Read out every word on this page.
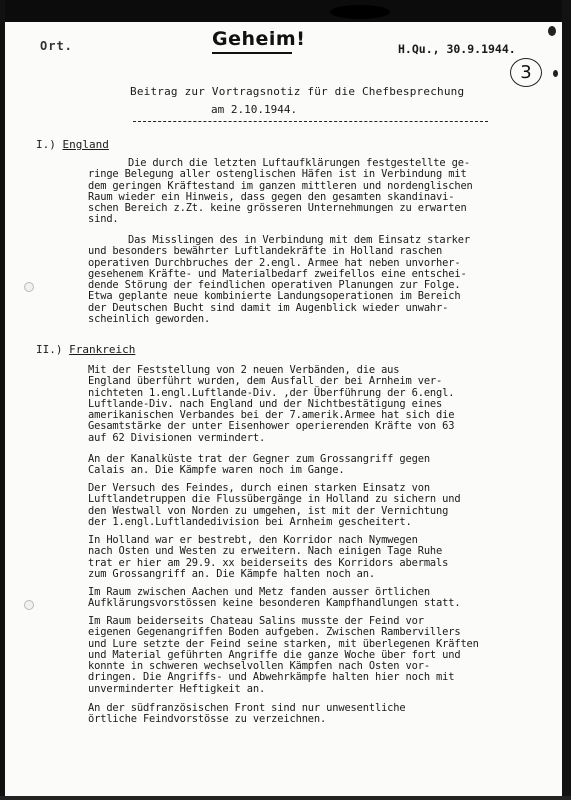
Ort.	Geheim!	H.Qu., 30.9.1944.
3
Beitrag zur Vortragsnotiz für die Chefbesprechung
am 2.10.1944.
I.) England
Die durch die letzten Luftaufklärungen festgestellte ge-
ringe Belegung aller ostenglischen Häfen ist in Verbindung mit
dem geringen Kräftestand im ganzen mittleren und nordenglischen
Raum wieder ein Hinweis, dass gegen den gesamten skandinavi-
schen Bereich z.Zt. keine grösseren Unternehmungen zu erwarten
sind.
Das Misslingen des in Verbindung mit dem Einsatz starker
und besonders bewährter Luftlandekräfte in Holland raschen
operativen Durchbruches der 2.engl. Armee hat neben unvorher-
gesehenem Kräfte- und Materialbedarf zweifellos eine entschei-
dende Störung der feindlichen operativen Planungen zur Folge.
Etwa geplante neue kombinierte Landungsoperationen im Bereich
der Deutschen Bucht sind damit im Augenblick wieder unwahr-
scheinlich geworden.
II.) Frankreich
Mit der Feststellung von 2 neuen Verbänden, die aus
England überführt wurden, dem Ausfall der bei Arnheim ver-
nichteten 1.engl.Luftlande-Div. ,der Überführung der 6.engl.
Luftlande-Div. nach England und der Nichtbestätigung eines
amerikanischen Verbandes bei der 7.amerik.Armee hat sich die
Gesamtstärke der unter Eisenhower operierenden Kräfte von 63
auf 62 Divisionen vermindert.
An der Kanalküste trat der Gegner zum Grossangriff gegen
Calais an. Die Kämpfe waren noch im Gange.
Der Versuch des Feindes, durch einen starken Einsatz von
Luftlandetruppen die Flussübergänge in Holland zu sichern und
den Westwall von Norden zu umgehen, ist mit der Vernichtung
der 1.engl.Luftlandedivision bei Arnheim gescheitert.
In Holland war er bestrebt, den Korridor nach Nymwegen
nach Osten und Westen zu erweitern. Nach einigen Tage Ruhe
trat er hier am 29.9. xx beiderseits des Korridors abermals
zum Grossangriff an. Die Kämpfe halten noch an.
Im Raum zwischen Aachen und Metz fanden ausser örtlichen
Aufklärungsvorstössen keine besonderen Kampfhandlungen statt.
Im Raum beiderseits Chateau Salins musste der Feind vor
eigenen Gegenangriffen Boden aufgeben. Zwischen Rambervillers
und Lure setzte der Feind seine starken, mit überlegenen Kräften
und Material geführten Angriffe die ganze Woche über fort und
konnte in schweren wechselvollen Kämpfen nach Osten vor-
dringen. Die Angriffs- und Abwehrkämpfe halten hier noch mit
unverminderter Heftigkeit an.
An der südfranzösischen Front sind nur unwesentliche
örtliche Feindvorstösse zu verzeichnen.
